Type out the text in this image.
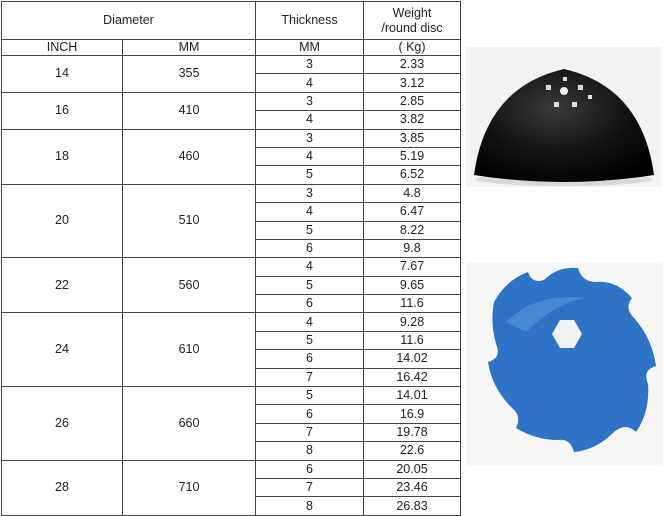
Diameter		Thickness	Weight
/round disc
INCH	MM	MM	( Kg)
14	355	3	2.33
		4	3.12
16	410	3	2.85
		4	3.82
18	460	3	3.85
		4	5.19
		5	6.52
20	510	3	4.8
		4	6.47
		5	8.22
		6	9.8
22	560	4	7.67
		5	9.65
		6	11.6
24	610	4	9.28
		5	11.6
		6	14.02
		7	16.42
26	660	5	14.01
		6	16.9
		7	19.78
		8	22.6
28	710	6	20.05
		7	23.46
		8	26.83
